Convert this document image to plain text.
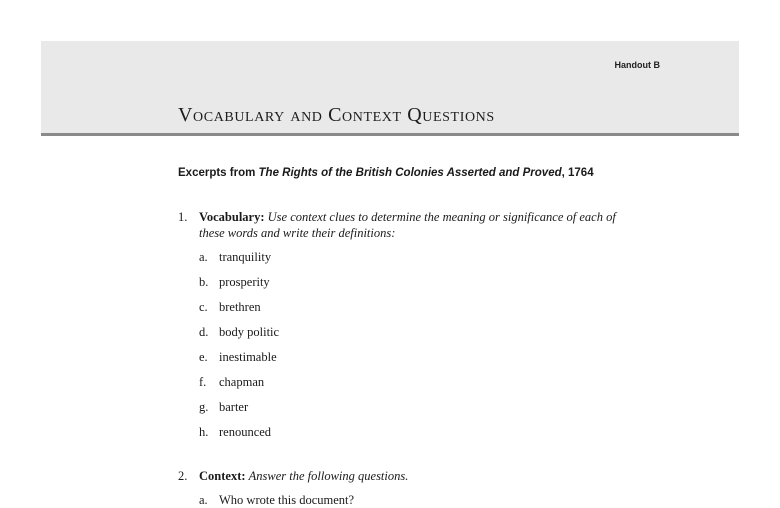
Handout B
Vocabulary and Context Questions

Excerpts from The Rights of the British Colonies Asserted and Proved, 1764

1. Vocabulary: Use context clues to determine the meaning or significance of each of these words and write their definitions:
a. tranquility
b. prosperity
c. brethren
d. body politic
e. inestimable
f. chapman
g. barter
h. renounced
2. Context: Answer the following questions.
a. Who wrote this document?
